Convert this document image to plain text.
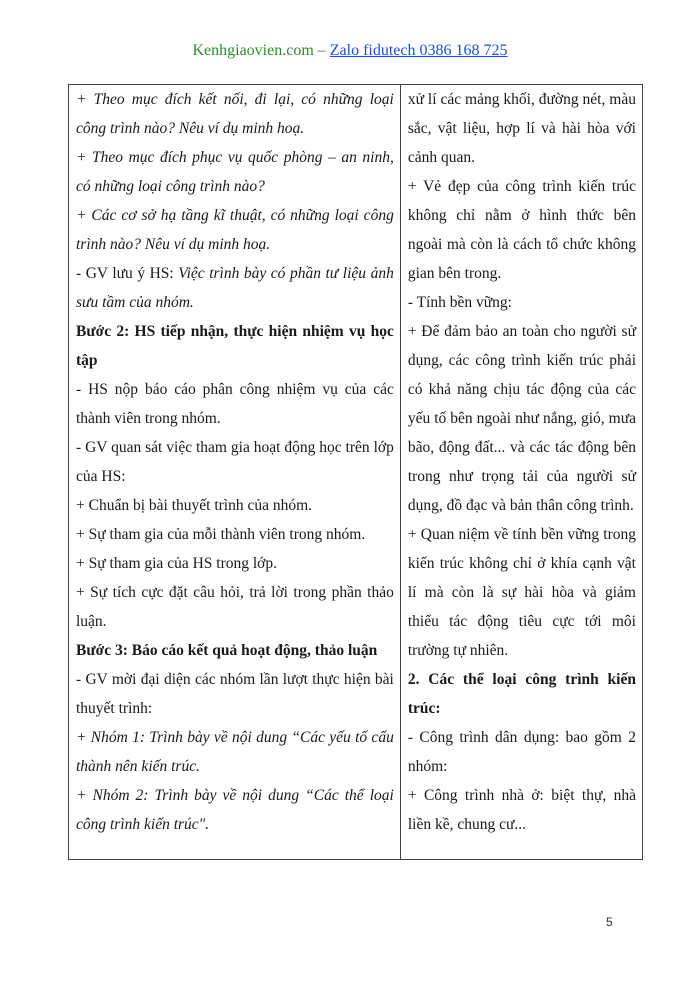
Kenhgiaovien.com – Zalo fidutech 0386 168 725

+ Theo mục đích kết nối, đi lại, có những loại công trình nào? Nêu ví dụ minh hoạ.

+ Theo mục đích phục vụ quốc phòng – an ninh, có những loại công trình nào?

+ Các cơ sở hạ tầng kĩ thuật, có những loại công trình nào? Nêu ví dụ minh hoạ.

- GV lưu ý HS: Việc trình bày có phần tư liệu ảnh sưu tầm của nhóm.

Bước 2: HS tiếp nhận, thực hiện nhiệm vụ học tập

- HS nộp báo cáo phân công nhiệm vụ của các thành viên trong nhóm.

- GV quan sát việc tham gia hoạt động học trên lớp của HS:

+ Chuẩn bị bài thuyết trình của nhóm.

+ Sự tham gia của mỗi thành viên trong nhóm.

+ Sự tham gia của HS trong lớp.

+ Sự tích cực đặt câu hỏi, trả lời trong phần thảo luận.

Bước 3: Báo cáo kết quả hoạt động, thảo luận

- GV mời đại diện các nhóm lần lượt thực hiện bài thuyết trình:

+ Nhóm 1: Trình bày về nội dung “Các yếu tố cấu thành nên kiến trúc.

+ Nhóm 2: Trình bày về nội dung “Các thể loại công trình kiến trúc".

xử lí các mảng khối, đường nét, màu sắc, vật liệu, hợp lí và hài hòa với cảnh quan.

+ Vẻ đẹp của công trình kiến trúc không chỉ nằm ở hình thức bên ngoài mà còn là cách tổ chức không gian bên trong.

- Tính bền vững:

+ Để đảm bảo an toàn cho người sử dụng, các công trình kiến trúc phải có khả năng chịu tác động của các yếu tố bên ngoài như nắng, gió, mưa bão, động đất... và các tác động bên trong như trọng tải của người sử dụng, đồ đạc và bản thân công trình.

+ Quan niệm về tính bền vững trong kiến trúc không chỉ ở khía cạnh vật lí mà còn là sự hài hòa và giảm thiểu tác động tiêu cực tới môi trường tự nhiên.

2. Các thể loại công trình kiến trúc:

- Công trình dân dụng: bao gồm 2 nhóm:

+ Công trình nhà ở: biệt thự, nhà liền kề, chung cư...

5
